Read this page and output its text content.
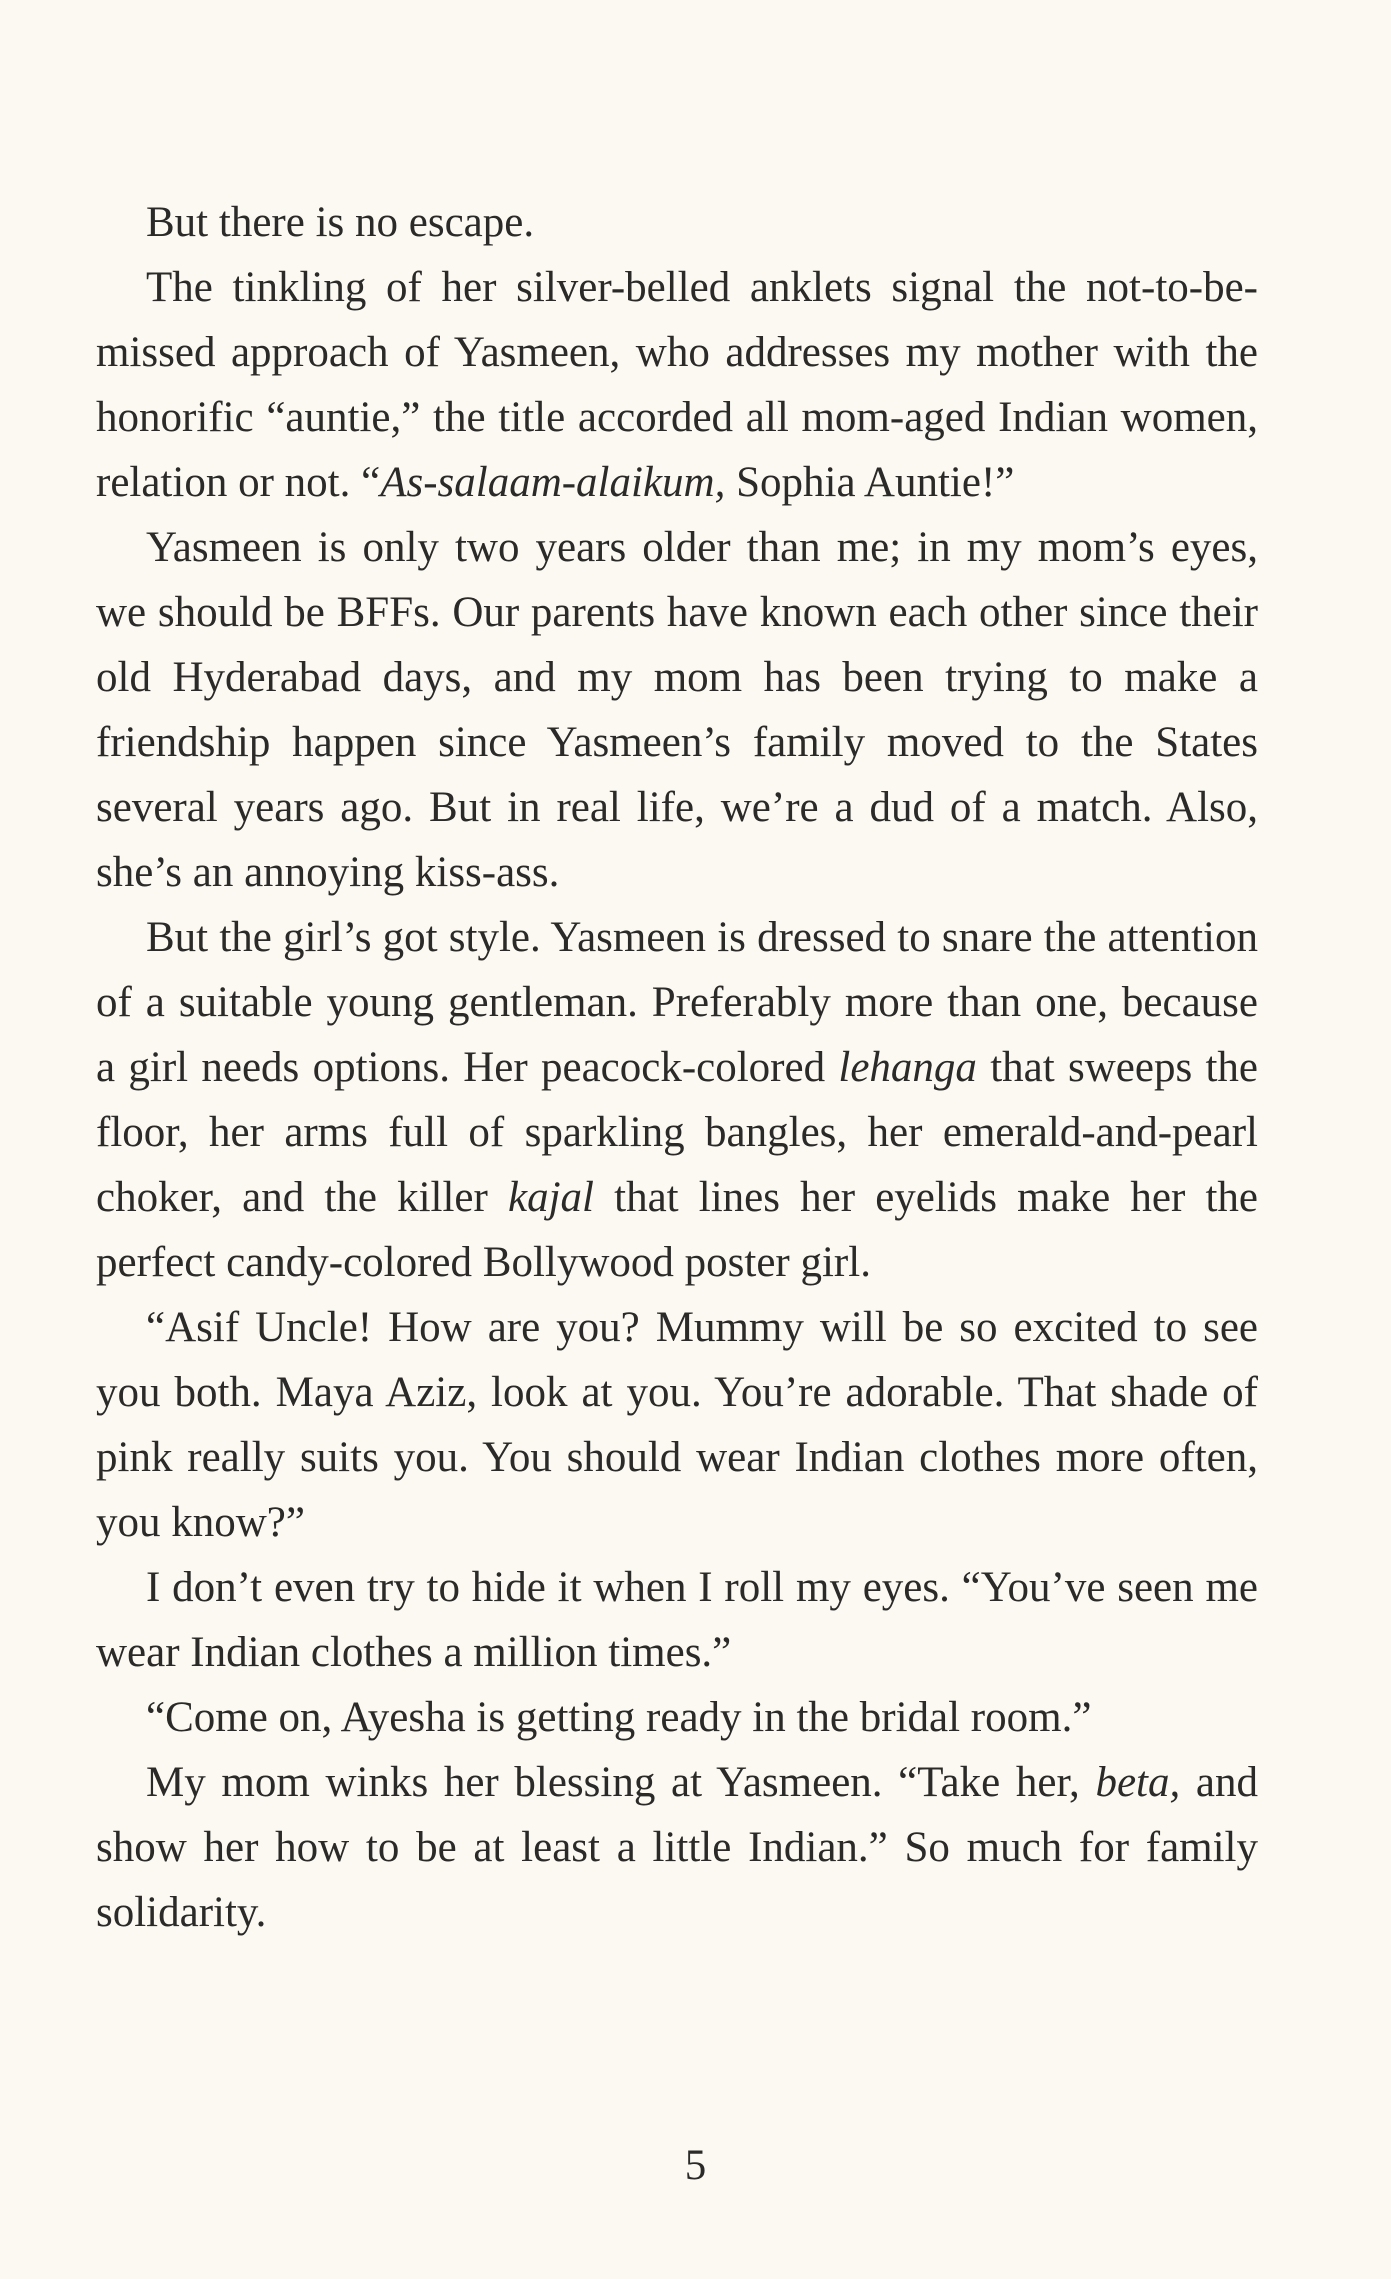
But there is no escape.

The tinkling of her silver-belled anklets signal the not-to-be-missed approach of Yasmeen, who addresses my mother with the honorific “auntie,” the title accorded all mom-aged Indian women, relation or not. “As-salaam-alaikum, Sophia Auntie!”

Yasmeen is only two years older than me; in my mom’s eyes, we should be BFFs. Our parents have known each other since their old Hyderabad days, and my mom has been trying to make a friendship happen since Yasmeen’s family moved to the States several years ago. But in real life, we’re a dud of a match. Also, she’s an annoying kiss-ass.

But the girl’s got style. Yasmeen is dressed to snare the attention of a suitable young gentleman. Preferably more than one, because a girl needs options. Her peacock-colored lehanga that sweeps the floor, her arms full of sparkling bangles, her emerald-and-pearl choker, and the killer kajal that lines her eyelids make her the perfect candy-colored Bollywood poster girl.

“Asif Uncle! How are you? Mummy will be so excited to see you both. Maya Aziz, look at you. You’re adorable. That shade of pink really suits you. You should wear Indian clothes more often, you know?”

I don’t even try to hide it when I roll my eyes. “You’ve seen me wear Indian clothes a million times.”

“Come on, Ayesha is getting ready in the bridal room.”

My mom winks her blessing at Yasmeen. “Take her, beta, and show her how to be at least a little Indian.” So much for family solidarity.

5
